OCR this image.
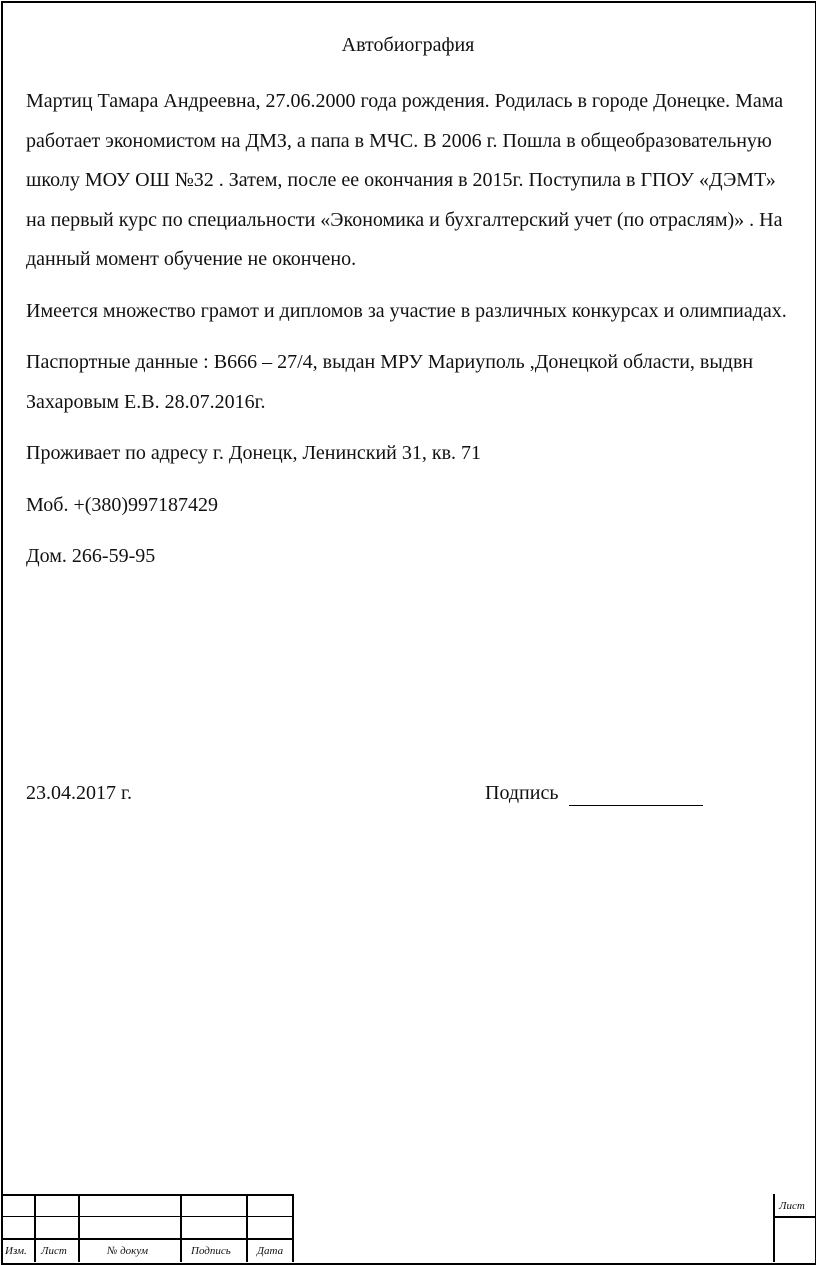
Автобиография

Мартиц Тамара Андреевна, 27.06.2000 года рождения. Родилась в городе Донецке. Мама работает экономистом на ДМЗ, а папа в МЧС. В 2006 г. Пошла в общеобразовательную школу МОУ ОШ №32 . Затем, после ее окончания в 2015г. Поступила в ГПОУ «ДЭМТ» на первый курс по специальности «Экономика и бухгалтерский учет (по отраслям)» . На данный момент обучение не окончено.

Имеется множество грамот и дипломов за участие в различных конкурсах и олимпиадах.

Паспортные данные : В666 – 27/4, выдан МРУ Мариуполь ,Донецкой области, выдвн Захаровым Е.В. 28.07.2016г.

Проживает по адресу г. Донецк, Ленинский 31, кв. 71

Моб. +(380)997187429

Дом. 266-59-95

23.04.2017 г.	Подпись
Изм. Лист	№ докум	Подпись Дата
Лист
